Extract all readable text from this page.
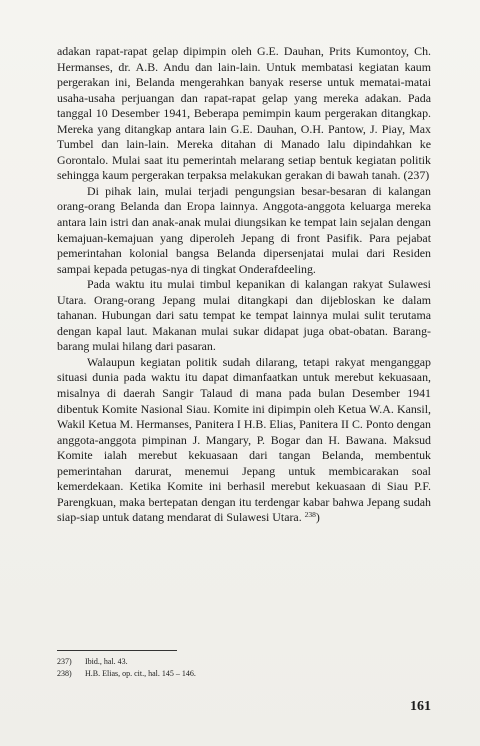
adakan rapat-rapat gelap dipimpin oleh G.E. Dauhan, Prits Kumontoy, Ch. Hermanses, dr. A.B. Andu dan lain-lain. Untuk membatasi kegiatan kaum pergerakan ini, Belanda mengerahkan banyak reserse untuk mematai-matai usaha-usaha perjuangan dan rapat-rapat gelap yang mereka adakan. Pada tanggal 10 Desember 1941, Beberapa pemimpin kaum pergerakan ditangkap. Mereka yang ditangkap antara lain G.E. Dauhan, O.H. Pantow, J. Piay, Max Tumbel dan lain-lain. Mereka ditahan di Manado lalu dipindahkan ke Gorontalo. Mulai saat itu pemerintah melarang setiap bentuk kegiatan politik sehingga kaum pergerakan terpaksa melakukan gerakan di bawah tanah. (237)

Di pihak lain, mulai terjadi pengungsian besar-besaran di kalangan orang-orang Belanda dan Eropa lainnya. Anggota-anggota keluarga mereka antara lain istri dan anak-anak mulai diungsikan ke tempat lain sejalan dengan kemajuan-kemajuan yang diperoleh Jepang di front Pasifik. Para pejabat pemerintahan kolonial bangsa Belanda dipersenjatai mulai dari Residen sampai kepada petugas-nya di tingkat Onderafdeeling.

Pada waktu itu mulai timbul kepanikan di kalangan rakyat Sulawesi Utara. Orang-orang Jepang mulai ditangkapi dan dijebloskan ke dalam tahanan. Hubungan dari satu tempat ke tempat lainnya mulai sulit terutama dengan kapal laut. Makanan mulai sukar didapat juga obat-obatan. Barang-barang mulai hilang dari pasaran.

Walaupun kegiatan politik sudah dilarang, tetapi rakyat menganggap situasi dunia pada waktu itu dapat dimanfaatkan untuk merebut kekuasaan, misalnya di daerah Sangir Talaud di mana pada bulan Desember 1941 dibentuk Komite Nasional Siau. Komite ini dipimpin oleh Ketua W.A. Kansil, Wakil Ketua M. Hermanses, Panitera I H.B. Elias, Panitera II C. Ponto dengan anggota-anggota pimpinan J. Mangary, P. Bogar dan H. Bawana. Maksud Komite ialah merebut kekuasaan dari tangan Belanda, membentuk pemerintahan darurat, menemui Jepang untuk membicarakan soal kemerdekaan. Ketika Komite ini berhasil merebut kekuasaan di Siau P.F. Parengkuan, maka bertepatan dengan itu terdengar kabar bahwa Jepang sudah siap-siap untuk datang mendarat di Sulawesi Utara. $^{238}$)

237) Ibid., hal. 43.
238) H.B. Elias, op. cit., hal. 145 – 146.
161
